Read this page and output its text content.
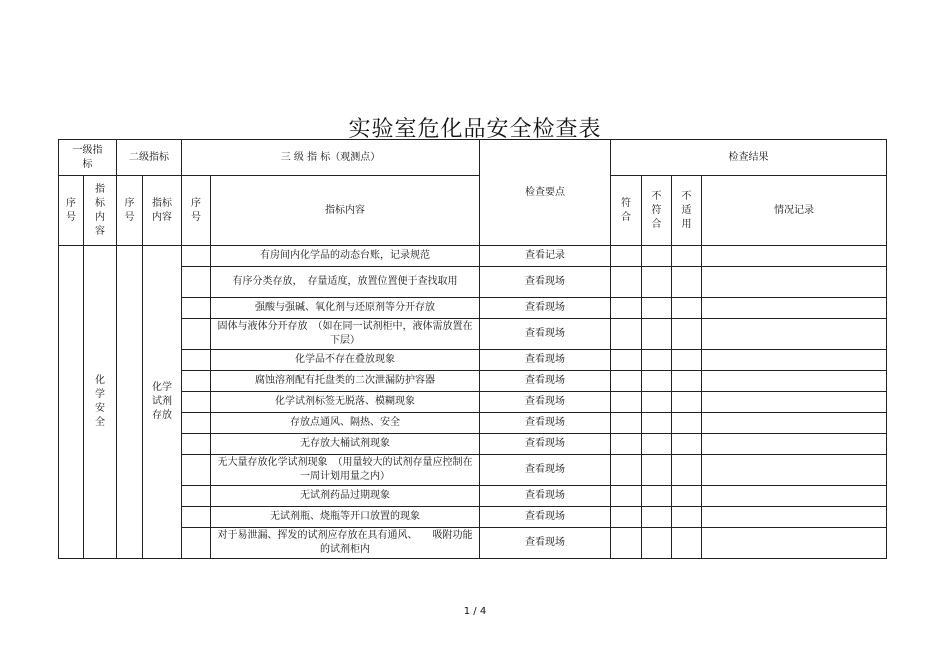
实验室危化品安全检查表
一级指标		二级指标		三 级 指 标（观测点）		检查要点	检查结果			

序号	指标内容	序号	指标内容	序号	指标内容		符合	不符合	不适用	情况记录

	化学安全		化学试剂存放		有房间内化学品的动态台账，记录规范	查看记录				
					有序分类存放，　存量适度，放置位置便于查找取用	查看现场				
					强酸与强碱、氧化剂与还原剂等分开存放	查看现场				
					固体与液体分开存放　（如在同一试剂柜中，液体需放置在下层）	查看现场				
					化学品不存在叠放现象	查看现场				
					腐蚀溶剂配有托盘类的二次泄漏防护容器	查看现场				
					化学试剂标签无脱落、模糊现象	查看现场				
					存放点通风、隔热、安全	查看现场				
					无存放大桶试剂现象	查看现场				
					无大量存放化学试剂现象　（用量较大的试剂存量应控制在一周计划用量之内）	查看现场				
					无试剂药品过期现象	查看现场				
					无试剂瓶、烧瓶等开口放置的现象	查看现场				
					对于易泄漏、挥发的试剂应存放在具有通风、　　吸附功能的试剂柜内	查看现场				
1 / 4
